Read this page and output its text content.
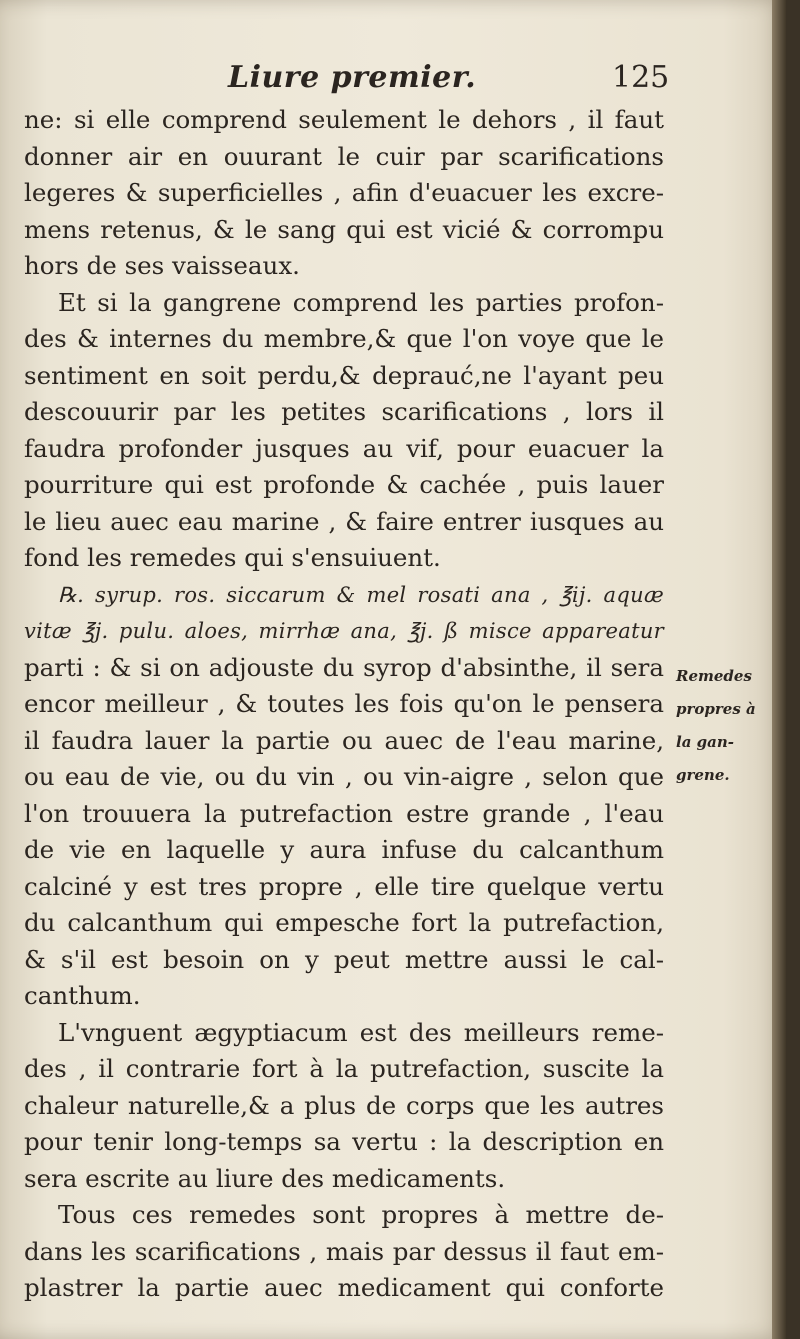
Liure premier.	125
ne: si elle comprend seulement le dehors , il faut
donner air en ouurant le cuir par scarifications
legeres & superficielles , afin d'euacuer les excre-
mens retenus, & le sang qui est vicié & corrompu
hors de ses vaisseaux.
Et si la gangrene comprend les parties profon-
des & internes du membre,& que l'on voye que le
sentiment en soit perdu,& deprauć,ne l'ayant peu
descouurir par les petites scarifications , lors il
faudra profonder jusques au vif, pour euacuer la
pourriture qui est profonde & cachée , puis lauer
le lieu auec eau marine , & faire entrer iusques au
fond les remedes qui s'ensuiuent.
℞. syrup. ros. siccarum & mel rosati ana , ℥ij. aquæ
vitæ ℥j. pulu. aloes, mirrhæ ana, ℥j. ß misce appareatur
parti : & si on adjouste du syrop d'absinthe, il sera
encor meilleur , & toutes les fois qu'on le pensera
il faudra lauer la partie ou auec de l'eau marine,
ou eau de vie, ou du vin , ou vin-aigre , selon que
l'on trouuera la putrefaction estre grande , l'eau
de vie en laquelle y aura infuse du calcanthum
calciné y est tres propre , elle tire quelque vertu
du calcanthum qui empesche fort la putrefaction,
& s'il est besoin on y peut mettre aussi le cal-
canthum.
L'vnguent ægyptiacum est des meilleurs reme-
des , il contrarie fort à la putrefaction, suscite la
chaleur naturelle,& a plus de corps que les autres
pour tenir long-temps sa vertu : la description en
sera escrite au liure des medicaments.
Tous ces remedes sont propres à mettre de-
dans les scarifications , mais par dessus il faut em-
plastrer la partie auec medicament qui conforte
Remedes
propres à
la gan-
grene.
